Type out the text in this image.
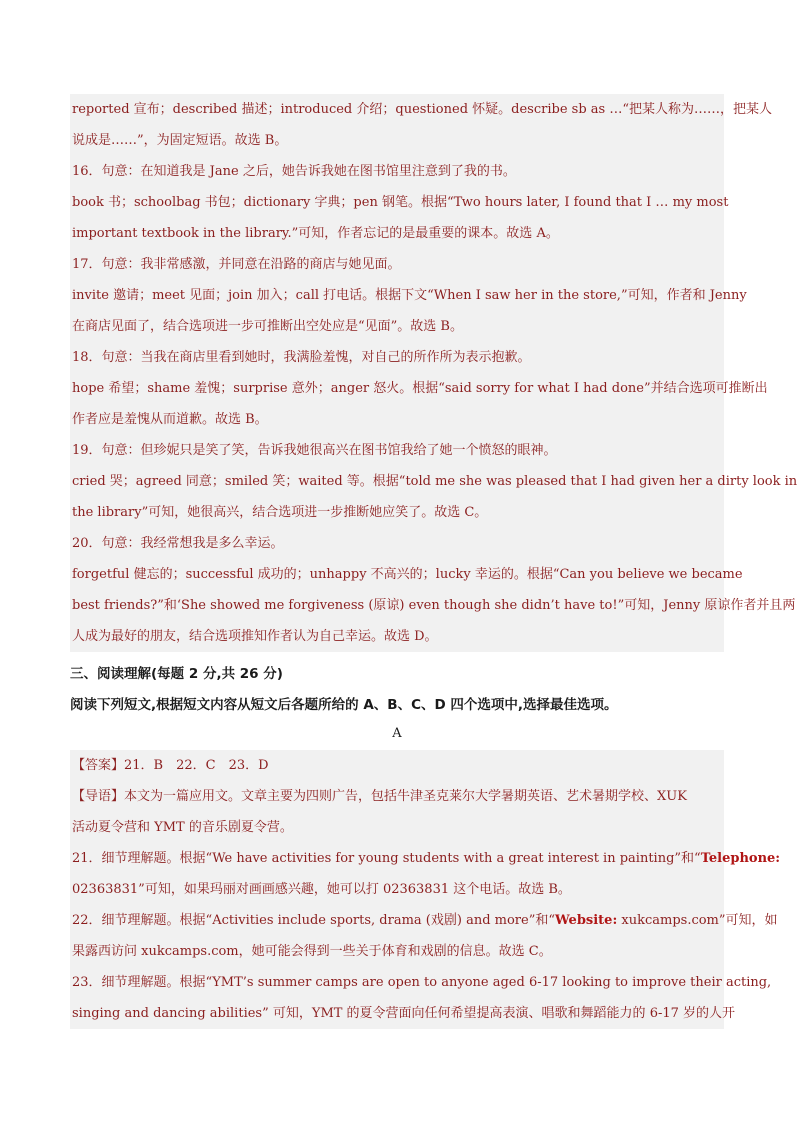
reported 宣布；described 描述；introduced 介绍；questioned 怀疑。describe sb as …“把某人称为……，把某人
说成是……”，为固定短语。故选 B。
16．句意：在知道我是 Jane 之后，她告诉我她在图书馆里注意到了我的书。
book 书；schoolbag 书包；dictionary 字典；pen 钢笔。根据“Two hours later, I found that I … my most
important textbook in the library.”可知，作者忘记的是最重要的课本。故选 A。
17．句意：我非常感激，并同意在沿路的商店与她见面。
invite 邀请；meet 见面；join 加入；call 打电话。根据下文“When I saw her in the store,”可知，作者和 Jenny
在商店见面了，结合选项进一步可推断出空处应是“见面”。故选 B。
18．句意：当我在商店里看到她时，我满脸羞愧，对自己的所作所为表示抱歉。
hope 希望；shame 羞愧；surprise 意外；anger 怒火。根据“said sorry for what I had done”并结合选项可推断出
作者应是羞愧从而道歉。故选 B。
19．句意：但珍妮只是笑了笑，告诉我她很高兴在图书馆我给了她一个愤怒的眼神。
cried 哭；agreed 同意；smiled 笑；waited 等。根据“told me she was pleased that I had given her a dirty look in
the library”可知，她很高兴，结合选项进一步推断她应笑了。故选 C。
20．句意：我经常想我是多么幸运。
forgetful 健忘的；successful 成功的；unhappy 不高兴的；lucky 幸运的。根据“Can you believe we became
best friends?”和‘She showed me forgiveness (原谅) even though she didn’t have to!”可知，Jenny 原谅作者并且两
人成为最好的朋友，结合选项推知作者认为自己幸运。故选 D。
三、阅读理解(每题 2 分,共 26 分)
阅读下列短文,根据短文内容从短文后各题所给的 A、B、C、D 四个选项中,选择最佳选项。
A
【答案】21．B　22．C　23．D
【导语】本文为一篇应用文。文章主要为四则广告，包括牛津圣克莱尔大学暑期英语、艺术暑期学校、XUK
活动夏令营和 YMT 的音乐剧夏令营。
21．细节理解题。根据“We have activities for young students with a great interest in painting”和“Telephone:
02363831”可知，如果玛丽对画画感兴趣，她可以打 02363831 这个电话。故选 B。
22．细节理解题。根据“Activities include sports, drama (戏剧) and more”和“Website: xukcamps.com”可知，如
果露西访问 xukcamps.com，她可能会得到一些关于体育和戏剧的信息。故选 C。
23．细节理解题。根据“YMT’s summer camps are open to anyone aged 6-17 looking to improve their acting,
singing and dancing abilities” 可知，YMT 的夏令营面向任何希望提高表演、唱歌和舞蹈能力的 6-17 岁的人开
